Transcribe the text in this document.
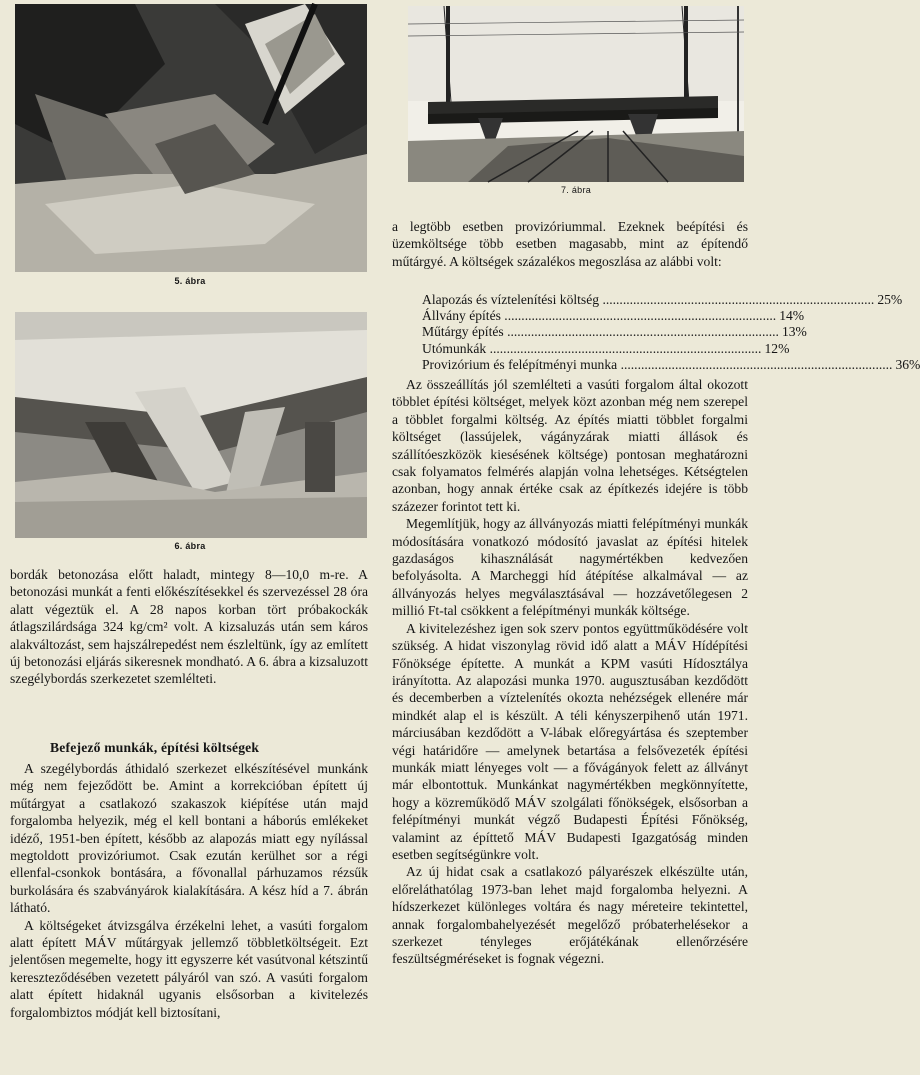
5. ábra
6. ábra

bordák betonozása előtt haladt, mintegy 8—10,0 m-re. A betonozási munkát a fenti előkészítésekkel és szervezéssel 28 óra alatt végeztük el. A 28 napos korban tört próbakockák átlagszilárdsága 324 kg/cm² volt. A kizsaluzás után sem káros alakváltozást, sem hajszálrepedést nem észleltünk, így az említett új betonozási eljárás sikeresnek mondható. A 6. ábra a kizsaluzott szegélybordás szerkezetet szemlélteti.

Befejező munkák, építési költségek

A szegélybordás áthidaló szerkezet elkészítésével munkánk még nem fejeződött be. Amint a korrekcióban épített új műtárgyat a csatlakozó szakaszok kiépítése után majd forgalomba helyezik, még el kell bontani a háborús emlékeket idéző, 1951-ben épített, később az alapozás miatt egy nyílással megtoldott provizóriumot. Csak ezután kerülhet sor a régi ellenfal-csonkok bontására, a fővonallal párhuzamos rézsűk burkolására és szabványárok kialakítására. A kész híd a 7. ábrán látható.

A költségeket átvizsgálva érzékelni lehet, a vasúti forgalom alatt épített MÁV műtárgyak jellemző többletköltségeit. Ezt jelentősen megemelte, hogy itt egyszerre két vasútvonal kétszintű kereszteződésében vezetett pályáról van szó. A vasúti forgalom alatt épített hidaknál ugyanis elsősorban a kivitelezés forgalombiztos módját kell biztosítani,

7. ábra

a legtöbb esetben provizóriummal. Ezeknek beépítési és üzemköltsége több esetben magasabb, mint az építendő műtárgyé. A költségek százalékos megoszlása az alábbi volt:

Alapozás és víztelenítési költség ................................................................................ 25%
Állvány építés ................................................................................ 14%
Műtárgy építés ................................................................................ 13%
Utómunkák ................................................................................ 12%
Provizórium és felépítményi munka ................................................................................ 36%

Az összeállítás jól szemlélteti a vasúti forgalom által okozott többlet építési költséget, melyek közt azonban még nem szerepel a többlet forgalmi költség. Az építés miatti többlet forgalmi költséget (lassújelek, vágányzárak miatti állások és szállítóeszközök kiesésének költsége) pontosan meghatározni csak folyamatos felmérés alapján volna lehetséges. Kétségtelen azonban, hogy annak értéke csak az építkezés idejére is több százezer forintot tett ki.

Megemlítjük, hogy az állványozás miatti felépítményi munkák módosítására vonatkozó módosító javaslat az építési hitelek gazdaságos kihasználását nagymértékben kedvezően befolyásolta. A Marcheggi híd átépítése alkalmával — az állványozás helyes megválasztásával — hozzávetőlegesen 2 millió Ft-tal csökkent a felépítményi munkák költsége.

A kivitelezéshez igen sok szerv pontos együttműködésére volt szükség. A hidat viszonylag rövid idő alatt a MÁV Hídépítési Főnöksége építette. A munkát a KPM vasúti Hídosztálya irányította. Az alapozási munka 1970. augusztusában kezdődött és decemberben a víztelenítés okozta nehézségek ellenére már mindkét alap el is készült. A téli kényszerpihenő után 1971. márciusában kezdődött a V-lábak előregyártása és szeptember végi határidőre — amelynek betartása a felsővezeték építési munkák miatt lényeges volt — a fővágányok felett az állványt már elbontottuk. Munkánkat nagymértékben megkönnyítette, hogy a közreműködő MÁV szolgálati főnökségek, elsősorban a felépítményi munkát végző Budapesti Építési Főnökség, valamint az építtető MÁV Budapesti Igazgatóság minden esetben segítségünkre volt.

Az új hidat csak a csatlakozó pályarészek elkészülte után, előreláthatólag 1973-ban lehet majd forgalomba helyezni. A hídszerkezet különleges voltára és nagy méreteire tekintettel, annak forgalombahelyezését megelőző próbaterhelésekor a szerkezet tényleges erőjátékának ellenőrzésére feszültségméréseket is fognak végezni.
